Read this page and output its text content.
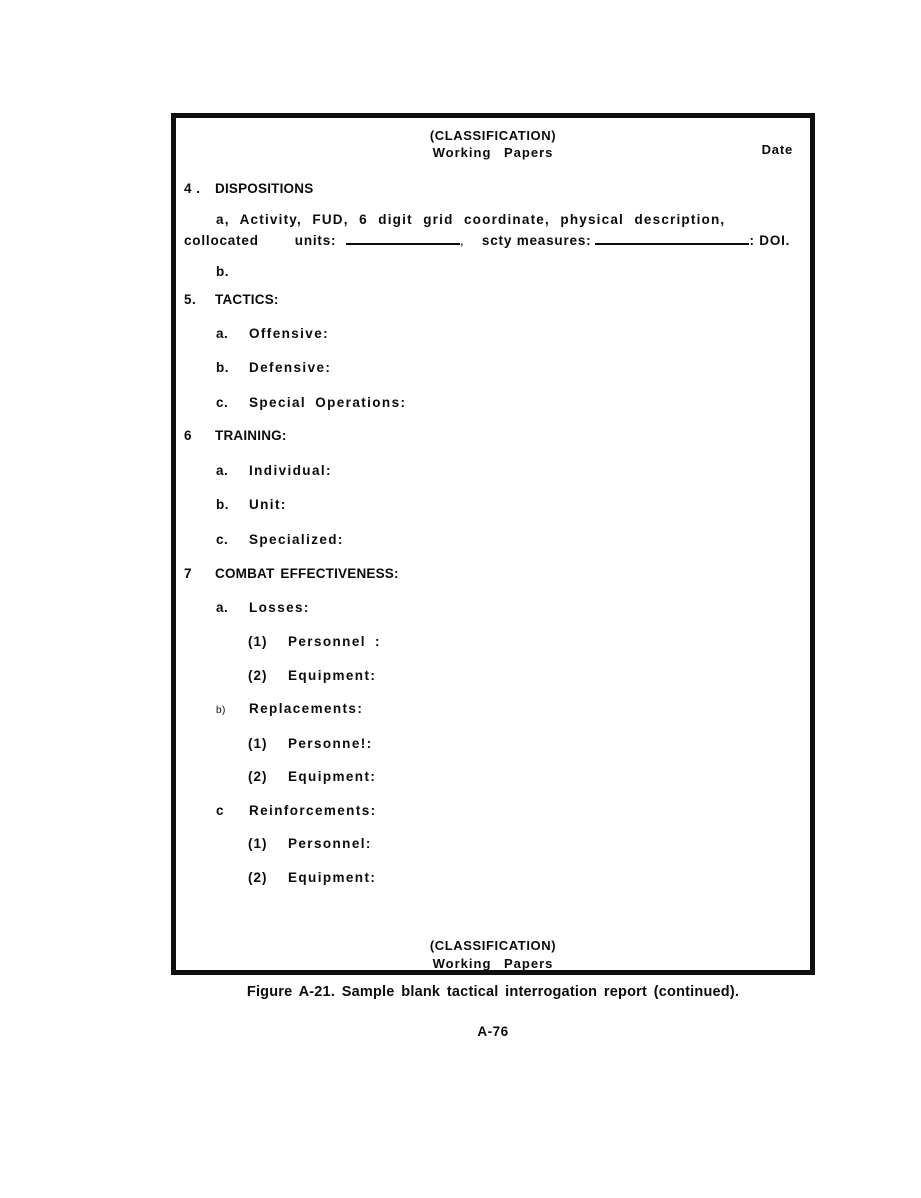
(CLASSIFICATION)
Working Papers	Date
4 . DISPOSITIONS
a, Activity, FUD, 6 digit grid coordinate, physical description,
collocated	units:	, scty measures:	: DOI.
b.
5. TACTICS:
a. Offensive:
b. Defensive:
c. Special Operations:
6 TRAINING:
a. Individual:
b. Unit:
c. Specialized:
7 COMBAT EFFECTIVENESS:
a. Losses:
(1) Personnel :
(2) Equipment:
b) Replacements:
(1) Personne!:
(2) Equipment:
c Reinforcements:
(1) Personnel:
(2) Equipment:
(CLASSIFICATION)
Working Papers
Figure A-21. Sample blank tactical interrogation report (continued).
A-76
